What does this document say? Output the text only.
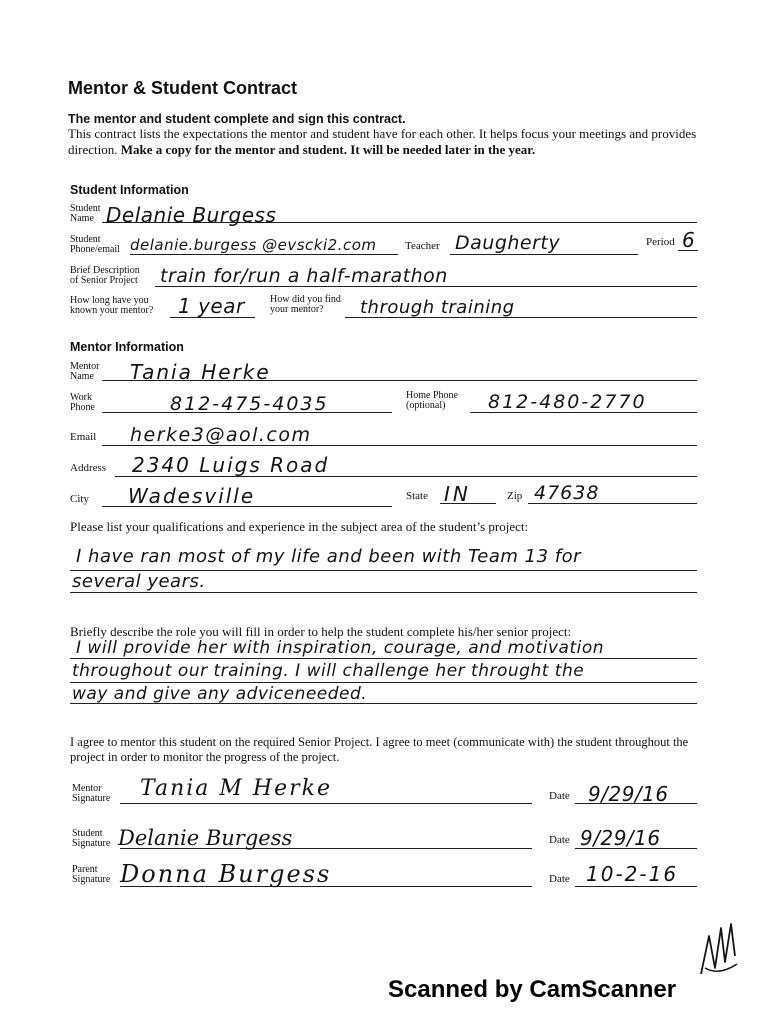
Mentor & Student Contract
The mentor and student complete and sign this contract.
This contract lists the expectations the mentor and student have for each other. It helps focus your meetings and provides direction. Make a copy for the mentor and student. It will be needed later in the year.
Student Information
Student
Name Delanie Burgess
Student
Phone/email delanie.burgess @evscki2.com	Teacher Daugherty	Period 6
Brief Description
of Senior Project train for/run a half-marathon
How long have you
known your mentor? 1 year	How did you find
your mentor?	through training
Mentor Information
Mentor
Name Tania Herke
Work
Phone	812-475-4035	Home Phone
(optional)	812-480-2770
Email herke3@aol.com
Address 2340 Luigs Road
City Wadesville	State IN	Zip 47638
Please list your qualifications and experience in the subject area of the student’s project:
I have ran most of my life and been with Team 13 for
several years.
Briefly describe the role you will fill in order to help the student complete his/her senior project:
I will provide her with inspiration, courage, and motivation
throughout our training. I will challenge her throught the
way and give any adviceneeded.
I agree to mentor this student on the required Senior Project. I agree to meet (communicate with) the student throughout the project in order to monitor the progress of the project.
Mentor
Signature Tania M Herke	Date 9/29/16
Student
Signature Delanie Burgess	Date 9/29/16
Parent
Signature Donna Burgess	Date 10-2-16
Scanned by CamScanner
